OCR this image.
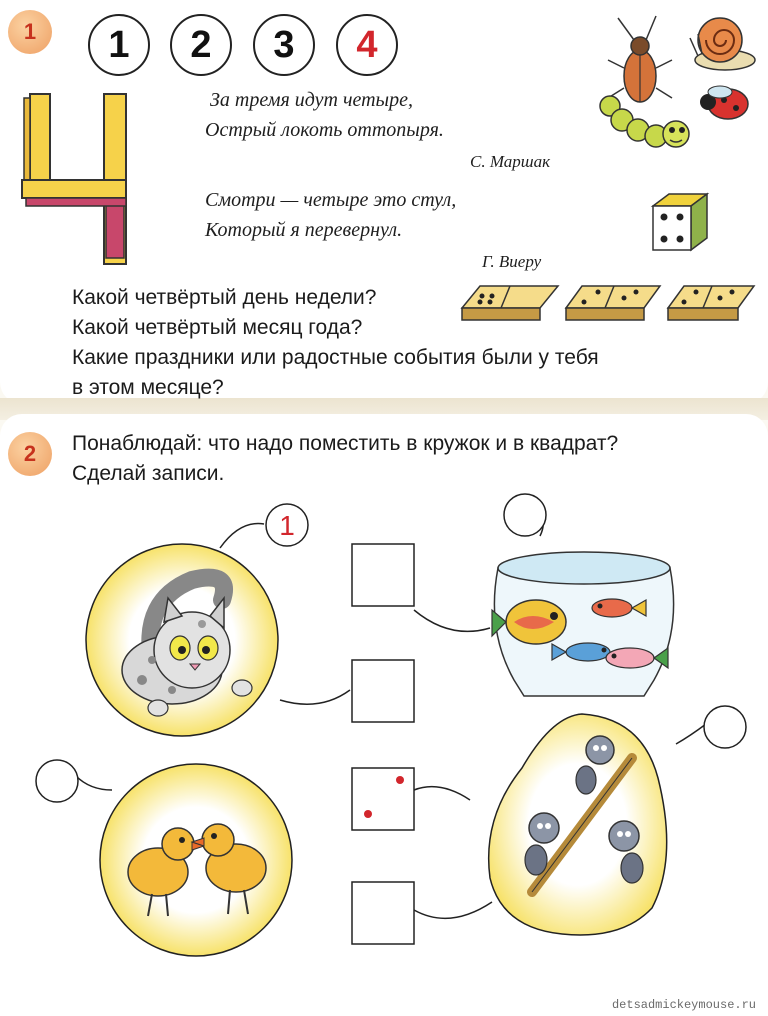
1	1	2	3	4
За тремя идут четыре,
Острый локоть оттопыря.
С. Маршак
Смотри — четыре это стул,
Который я перевернул.
Г. Виеру
Какой четвёртый день недели?
Какой четвёртый месяц года?
Какие праздники или радостные события были у тебя
в этом месяце?
2	Понаблюдай: что надо поместить в кружок и в квадрат?
Сделай записи.
1
detsadmickeymouse.ru
